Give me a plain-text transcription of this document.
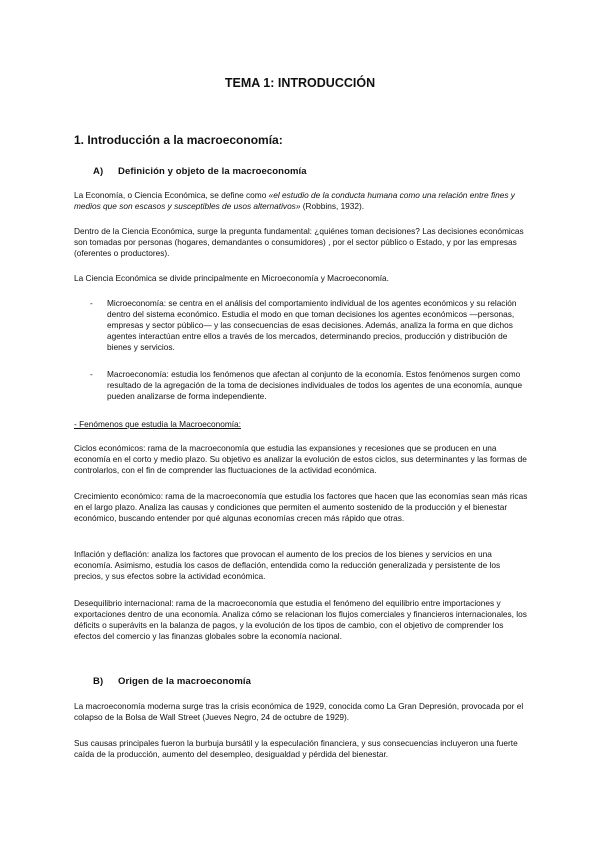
TEMA 1: INTRODUCCIÓN
1. Introducción a la macroeconomía:
A) Definición y objeto de la macroeconomía

La Economía, o Ciencia Económica, se define como «el estudio de la conducta humana como una relación entre fines y medios que son escasos y susceptibles de usos alternativos» (Robbins, 1932).

Dentro de la Ciencia Económica, surge la pregunta fundamental: ¿quiénes toman decisiones? Las decisiones económicas son tomadas por personas (hogares, demandantes o consumidores) , por el sector público o Estado, y por las empresas (oferentes o productores).

La Ciencia Económica se divide principalmente en Microeconomía y Macroeconomía.

-	Microeconomía: se centra en el análisis del comportamiento individual de los agentes económicos y su relación dentro del sistema económico. Estudia el modo en que toman decisiones los agentes económicos —personas, empresas y sector público— y las consecuencias de esas decisiones. Además, analiza la forma en que dichos agentes interactúan entre ellos a través de los mercados, determinando precios, producción y distribución de bienes y servicios.
-	Macroeconomía: estudia los fenómenos que afectan al conjunto de la economía. Estos fenómenos surgen como resultado de la agregación de la toma de decisiones individuales de todos los agentes de una economía, aunque pueden analizarse de forma independiente.

- Fenómenos que estudia la Macroeconomía:

Ciclos económicos: rama de la macroeconomía que estudia las expansiones y recesiones que se producen en una economía en el corto y medio plazo. Su objetivo es analizar la evolución de estos ciclos, sus determinantes y las formas de controlarlos, con el fin de comprender las fluctuaciones de la actividad económica.

Crecimiento económico: rama de la macroeconomía que estudia los factores que hacen que las economías sean más ricas en el largo plazo. Analiza las causas y condiciones que permiten el aumento sostenido de la producción y el bienestar económico, buscando entender por qué algunas economías crecen más rápido que otras.

Inflación y deflación: analiza los factores que provocan el aumento de los precios de los bienes y servicios en una economía. Asimismo, estudia los casos de deflación, entendida como la reducción generalizada y persistente de los precios, y sus efectos sobre la actividad económica.

Desequilibrio internacional: rama de la macroeconomía que estudia el fenómeno del equilibrio entre importaciones y exportaciones dentro de una economía. Analiza cómo se relacionan los flujos comerciales y financieros internacionales, los déficits o superávits en la balanza de pagos, y la evolución de los tipos de cambio, con el objetivo de comprender los efectos del comercio y las finanzas globales sobre la economía nacional.

B) Origen de la macroeconomía

La macroeconomía moderna surge tras la crisis económica de 1929, conocida como La Gran Depresión, provocada por el colapso de la Bolsa de Wall Street (Jueves Negro, 24 de octubre de 1929).

Sus causas principales fueron la burbuja bursátil y la especulación financiera, y sus consecuencias incluyeron una fuerte caída de la producción, aumento del desempleo, desigualdad y pérdida del bienestar.
